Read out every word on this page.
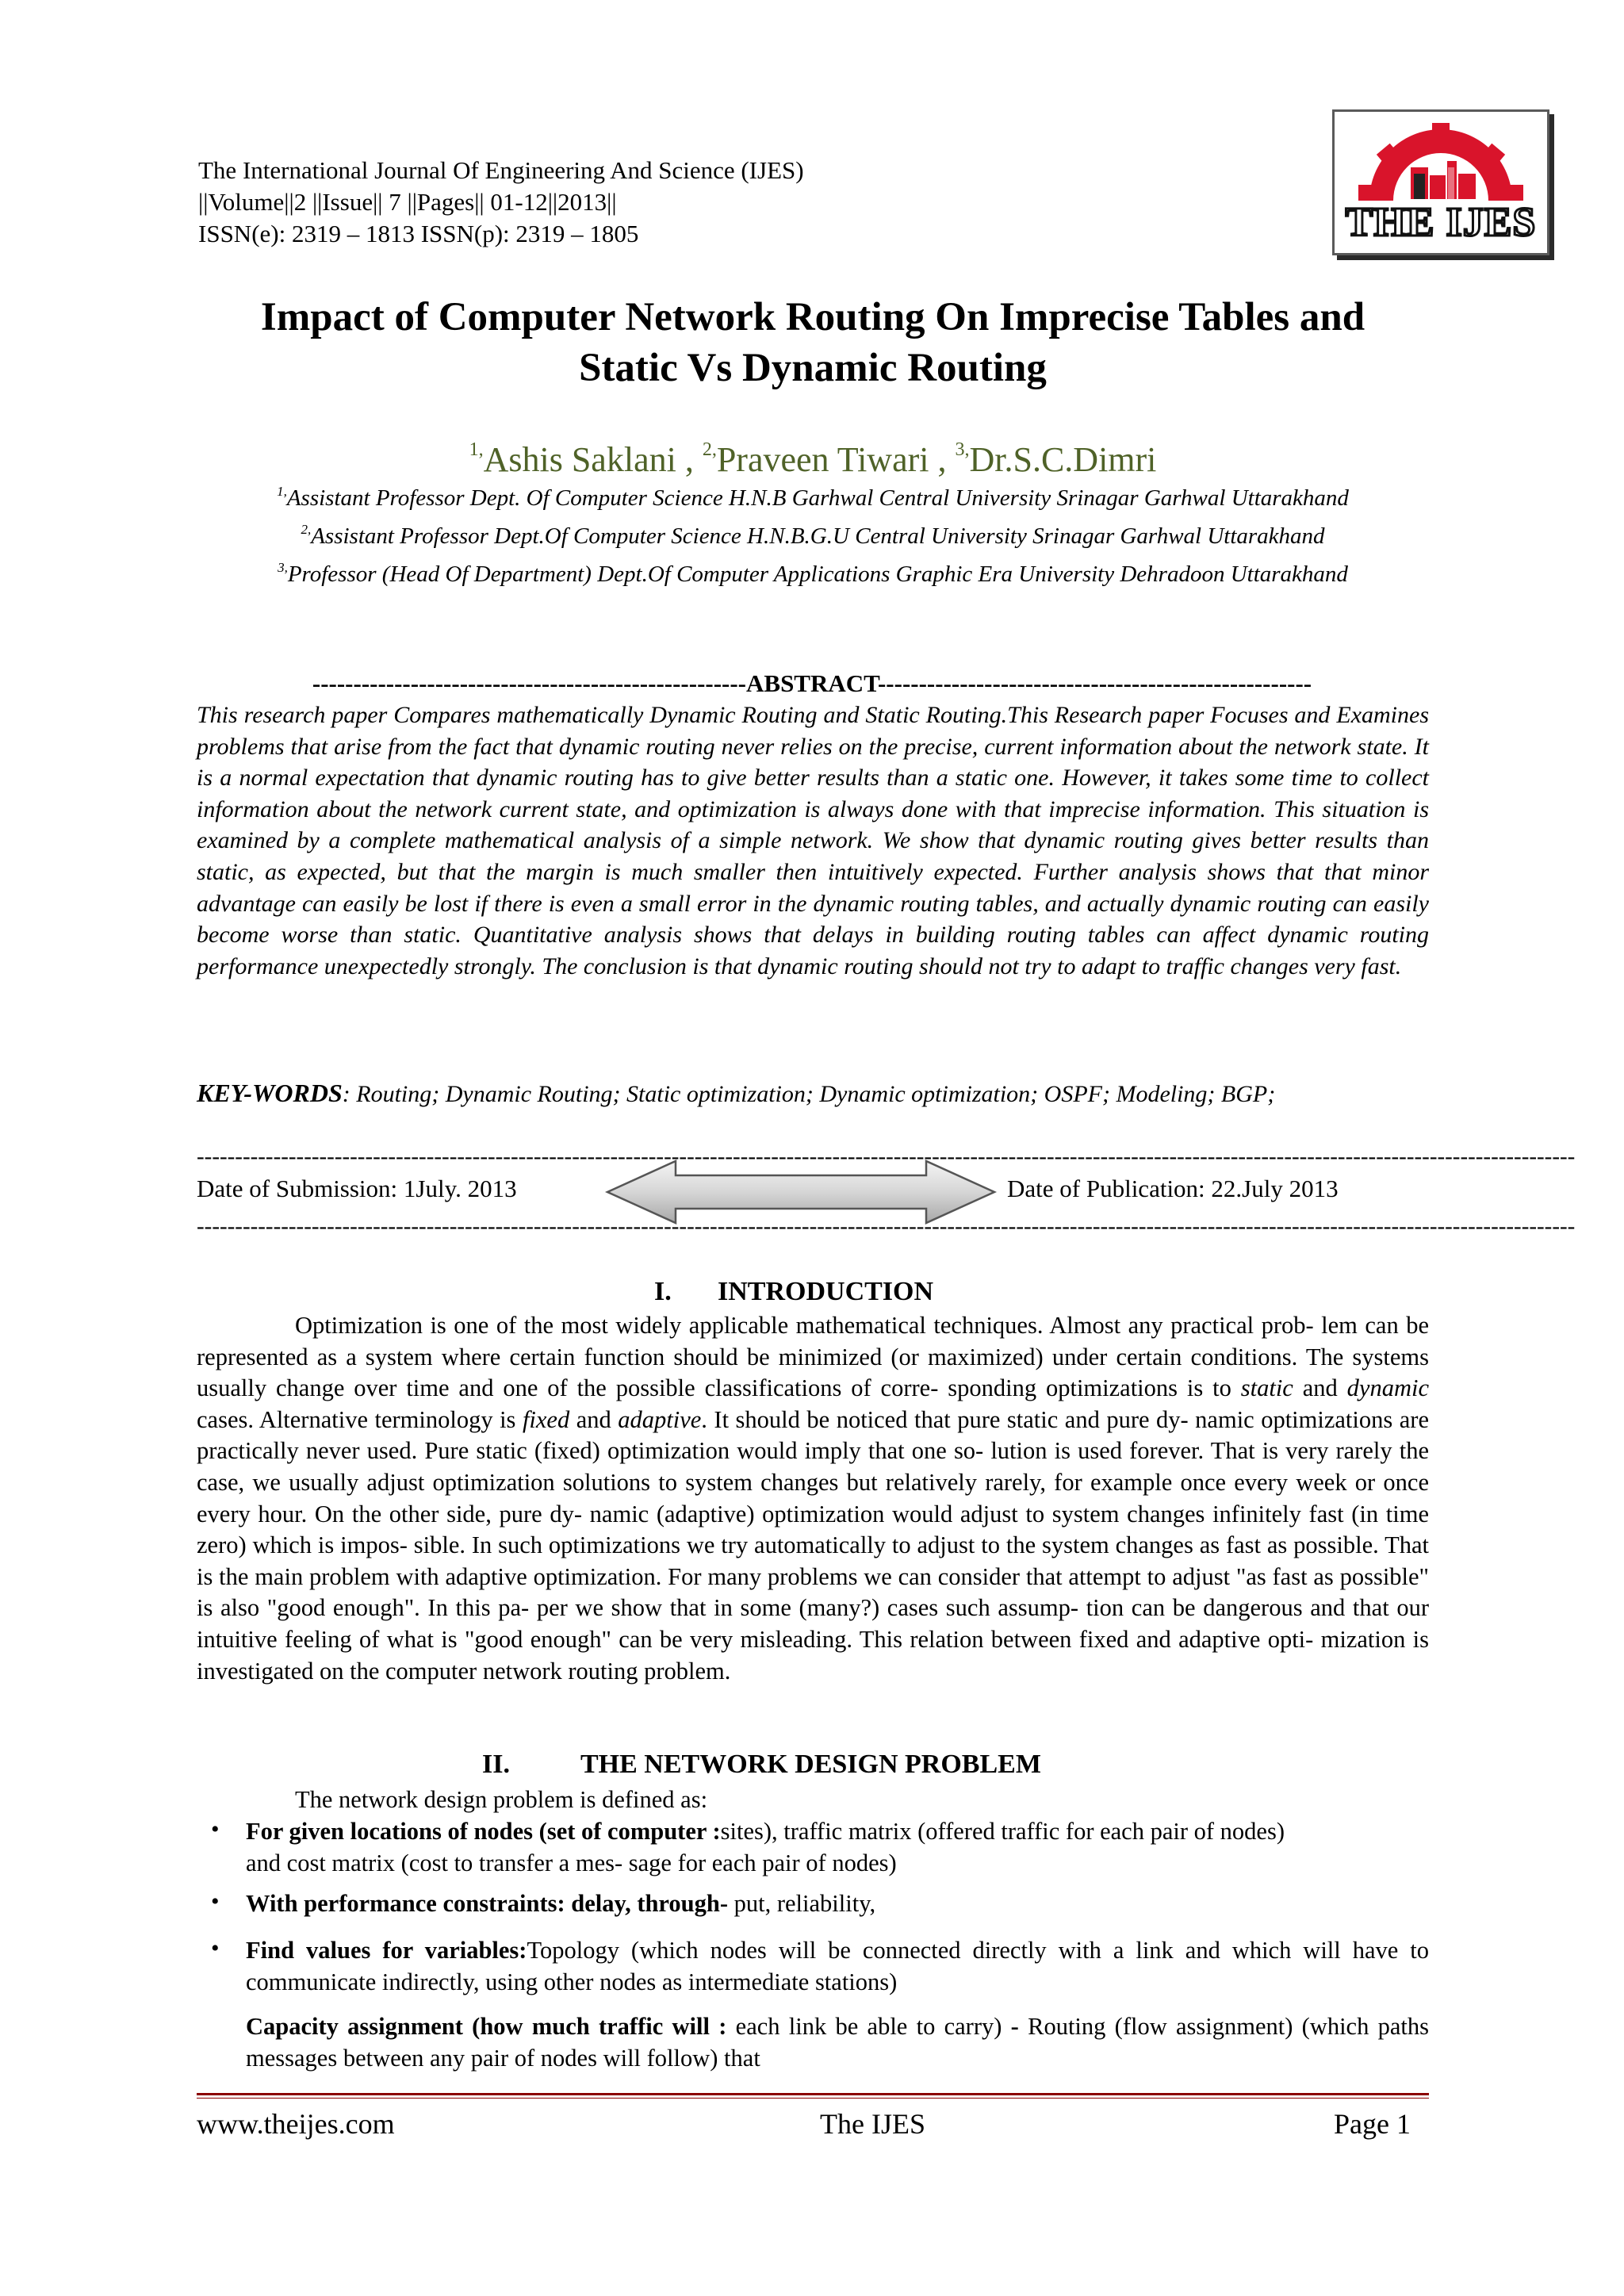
The International Journal Of Engineering And Science (IJES)
||Volume||2 ||Issue|| 7 ||Pages|| 01-12||2013||
ISSN(e): 2319 – 1813 ISSN(p): 2319 – 1805	THE IJES
Impact of Computer Network Routing On Imprecise Tables and
Static Vs Dynamic Routing
$^{1,}$Ashis Saklani , $^{2,}$Praveen Tiwari , $^{3,}$Dr.S.C.Dimri
$^{1,}$Assistant Professor Dept. Of Computer Science H.N.B Garhwal Central University Srinagar Garhwal Uttarakhand
$^{2,}$Assistant Professor Dept.Of Computer Science H.N.B.G.U Central University Srinagar Garhwal Uttarakhand
$^{3,}$Professor (Head Of Department) Dept.Of Computer Applications Graphic Era University Dehradoon Uttarakhand
-----------------------------------------------------ABSTRACT-----------------------------------------------------
This research paper Compares mathematically Dynamic Routing and Static Routing.This Research paper Focuses and Examines problems that arise from the fact that dynamic routing never relies on the precise, current information about the network state. It is a normal expectation that dynamic routing has to give better results than a static one. However, it takes some time to collect information about the network current state, and optimization is always done with that imprecise information. This situation is examined by a complete mathematical analysis of a simple network. We show that dynamic routing gives better results than static, as expected, but that the margin is much smaller then intuitively expected. Further analysis shows that that minor advantage can easily be lost if there is even a small error in the dynamic routing tables, and actually dynamic routing can easily become worse than static. Quantitative analysis shows that delays in building routing tables can affect dynamic routing performance unexpectedly strongly. The conclusion is that dynamic routing should not try to adapt to traffic changes very fast.
KEY-WORDS: Routing; Dynamic Routing; Static optimization; Dynamic optimization; OSPF; Modeling; BGP;
------------------------------------------------------------------------------------------------------------------------------------------------------------------------------------
Date of Submission: 1July. 2013	Date of Publication: 22.July 2013
------------------------------------------------------------------------------------------------------------------------------------------------------------------------------------
I. INTRODUCTION
Optimization is one of the most widely applicable mathematical techniques. Almost any practical prob- lem can be represented as a system where certain function should be minimized (or maximized) under certain conditions. The systems usually change over time and one of the possible classifications of corre- sponding optimizations is to static and dynamic cases. Alternative terminology is fixed and adaptive. It should be noticed that pure static and pure dy- namic optimizations are practically never used. Pure static (fixed) optimization would imply that one so- lution is used forever. That is very rarely the case, we usually adjust optimization solutions to system changes but relatively rarely, for example once every week or once every hour. On the other side, pure dy- namic (adaptive) optimization would adjust to system changes infinitely fast (in time zero) which is impos- sible. In such optimizations we try automatically to adjust to the system changes as fast as possible. That is the main problem with adaptive optimization. For many problems we can consider that attempt to adjust "as fast as possible" is also "good enough". In this pa- per we show that in some (many?) cases such assump- tion can be dangerous and that our intuitive feeling of what is "good enough" can be very misleading. This relation between fixed and adaptive opti- mization is investigated on the computer network routing problem.
II.	THE NETWORK DESIGN PROBLEM
The network design problem is defined as:
• For given locations of nodes (set of computer :sites), traffic matrix (offered traffic for each pair of nodes) and cost matrix (cost to transfer a mes- sage for each pair of nodes)
• With performance constraints: delay, through- put, reliability,
• Find values for variables:Topology (which nodes will be connected directly with a link and which will have to communicate indirectly, using other nodes as intermediate stations)
Capacity assignment (how much traffic will : each link be able to carry) - Routing (flow assignment) (which paths messages between any pair of nodes will follow) that
www.theijes.com	The IJES	Page 1
